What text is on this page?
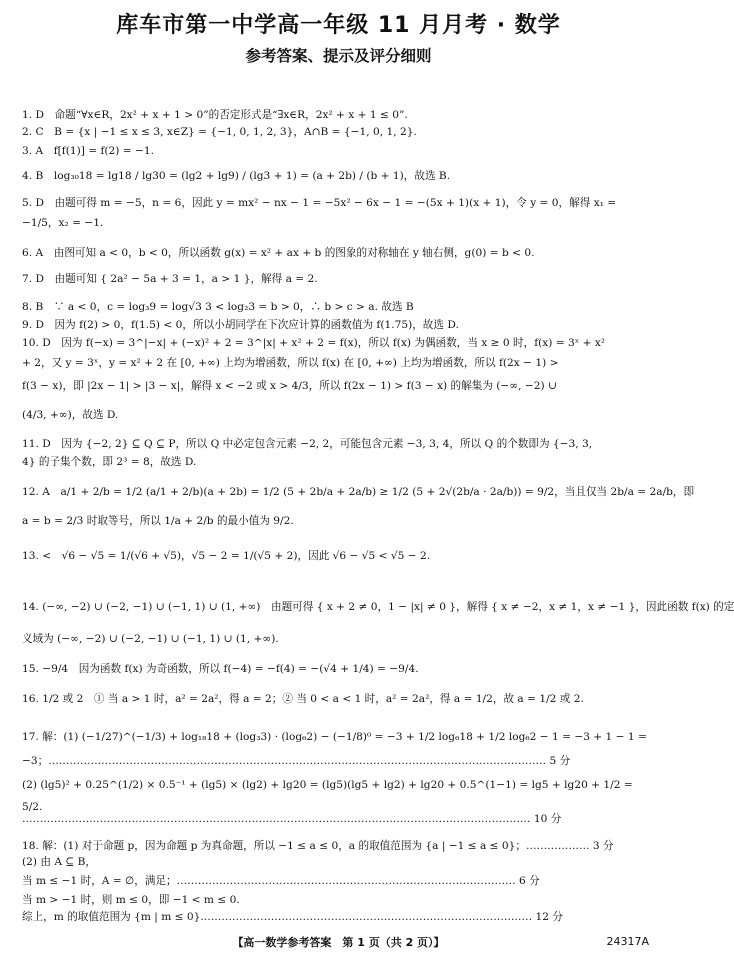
库车市第一中学高一年级 11 月月考 · 数学
参考答案、提示及评分细则
1. D　命题“∀x∈R，2x² + x + 1 > 0”的否定形式是“∃x∈R，2x² + x + 1 ≤ 0”.
2. C　B = {x | −1 ≤ x ≤ 3, x∈Z} = {−1, 0, 1, 2, 3}，A∩B = {−1, 0, 1, 2}.
3. A　f[f(1)] = f(2) = −1.
4. B　log₃₀18 = lg18 / lg30 = (lg2 + lg9) / (lg3 + 1) = (a + 2b) / (b + 1)，故选 B.
5. D　由题可得 m = −5，n = 6，因此 y = mx² − nx − 1 = −5x² − 6x − 1 = −(5x + 1)(x + 1)，令 y = 0，解得 x₁ =
−1/5，x₂ = −1.
6. A　由图可知 a < 0，b < 0，所以函数 g(x) = x² + ax + b 的图象的对称轴在 y 轴右侧，g(0) = b < 0.
7. D　由题可知 { 2a² − 5a + 3 = 1，a > 1 }，解得 a = 2.
8. B　∵ a < 0，c = log₃9 = log√3 3 < log₂3 = b > 0，∴ b > c > a. 故选 B
9. D　因为 f(2) > 0，f(1.5) < 0，所以小胡同学在下次应计算的函数值为 f(1.75)，故选 D.
10. D　因为 f(−x) = 3^|−x| + (−x)² + 2 = 3^|x| + x² + 2 = f(x)，所以 f(x) 为偶函数，当 x ≥ 0 时，f(x) = 3ˣ + x²
+ 2，又 y = 3ˣ，y = x² + 2 在 [0, +∞) 上均为增函数，所以 f(x) 在 [0, +∞) 上均为增函数，所以 f(2x − 1) >
f(3 − x)，即 |2x − 1| > |3 − x|，解得 x < −2 或 x > 4/3，所以 f(2x − 1) > f(3 − x) 的解集为 (−∞, −2) ∪
(4/3, +∞)，故选 D.
11. D　因为 {−2, 2} ⊆ Q ⊆ P，所以 Q 中必定包含元素 −2, 2，可能包含元素 −3, 3, 4，所以 Q 的个数即为 {−3, 3,
4} 的子集个数，即 2³ = 8，故选 D.
12. A　a/1 + 2/b = 1/2 (a/1 + 2/b)(a + 2b) = 1/2 (5 + 2b/a + 2a/b) ≥ 1/2 (5 + 2√(2b/a · 2a/b)) = 9/2，当且仅当 2b/a = 2a/b，即
a = b = 2/3 时取等号，所以 1/a + 2/b 的最小值为 9/2.
13. <　√6 − √5 = 1/(√6 + √5)，√5 − 2 = 1/(√5 + 2)，因此 √6 − √5 < √5 − 2.
14. (−∞, −2) ∪ (−2, −1) ∪ (−1, 1) ∪ (1, +∞)　由题可得 { x + 2 ≠ 0，1 − |x| ≠ 0 }，解得 { x ≠ −2，x ≠ 1，x ≠ −1 }，因此函数 f(x) 的定
义域为 (−∞, −2) ∪ (−2, −1) ∪ (−1, 1) ∪ (1, +∞).
15. −9/4　因为函数 f(x) 为奇函数，所以 f(−4) = −f(4) = −(√4 + 1/4) = −9/4.
16. 1/2 或 2　① 当 a > 1 时，a² = 2a²，得 a = 2；② 当 0 < a < 1 时，a² = 2a²，得 a = 1/2，故 a = 1/2 或 2.
17. 解：(1) (−1/27)^(−1/3) + log₁₈18 + (log₃3) · (log₆2) − (−1/8)⁰ = −3 + 1/2 log₆18 + 1/2 log₆2 − 1 = −3 + 1 − 1 =
−3；…………………………………………………………………………………………………………………………… 5 分
(2) (lg5)² + 0.25^(1/2) × 0.5⁻¹ + (lg5) × (lg2) + lg20 = (lg5)(lg5 + lg2) + lg20 + 0.5^(1−1) = lg5 + lg20 + 1/2 =
5/2.
……………………………………………………………………………………………………………………………… 10 分
18. 解：(1) 对于命题 p，因为命题 p 为真命题，所以 −1 ≤ a ≤ 0，a 的取值范围为 {a | −1 ≤ a ≤ 0}；……………… 3 分
(2) 由 A ⊆ B，
当 m ≤ −1 时，A = ∅，满足；…………………………………………………………………………………… 6 分
当 m > −1 时，则 m ≤ 0，即 −1 < m ≤ 0.
综上，m 的取值范围为 {m | m ≤ 0}.………………………………………………………………………………… 12 分
【高一数学参考答案　第 1 页（共 2 页）】	24317A
